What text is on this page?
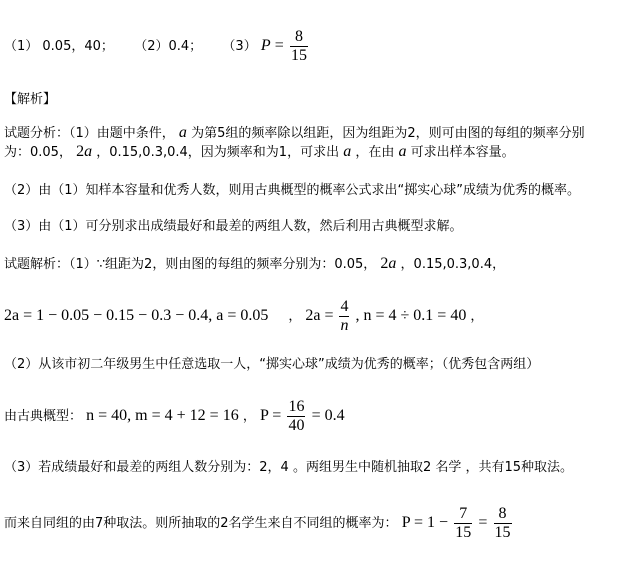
（1） 0.05，40； （2）0.4； （3） $P = \frac{8}{15}$
【解析】
试题分析：（1）由题中条件， a 为第5组的频率除以组距，因为组距为2，则可由图的每组的频率分别
为：0.05， 2a ，0.15,0.3,0.4，因为频率和为1，可求出 a ，在由 a 可求出样本容量。
（2）由（1）知样本容量和优秀人数，则用古典概型的概率公式求出“掷实心球”成绩为优秀的概率。
（3）由（1）可分别求出成绩最好和最差的两组人数，然后利用古典概型求解。
试题解析：（1）∵组距为2，则由图的每组的频率分别为：0.05， 2a ，0.15,0.3,0.4，
2a = 1 − 0.05 − 0.15 − 0.3 − 0.4, a = 0.05 ， $2a = \frac{4}{n}$ , n = 4 ÷ 0.1 = 40 ，
（2）从该市初二年级男生中任意选取一人，“掷实心球”成绩为优秀的概率；（优秀包含两组）
由古典概型： n = 40, m = 4 + 12 = 16 ， $P = \frac{16}{40} = 0.4$
（3）若成绩最好和最差的两组人数分别为：2，4 。两组男生中随机抽取2 名学 ，共有15种取法。
而来自同组的由7种取法。则所抽取的2名学生来自不同组的概率为： $P = 1 - \frac{7}{15} = \frac{8}{15}$
